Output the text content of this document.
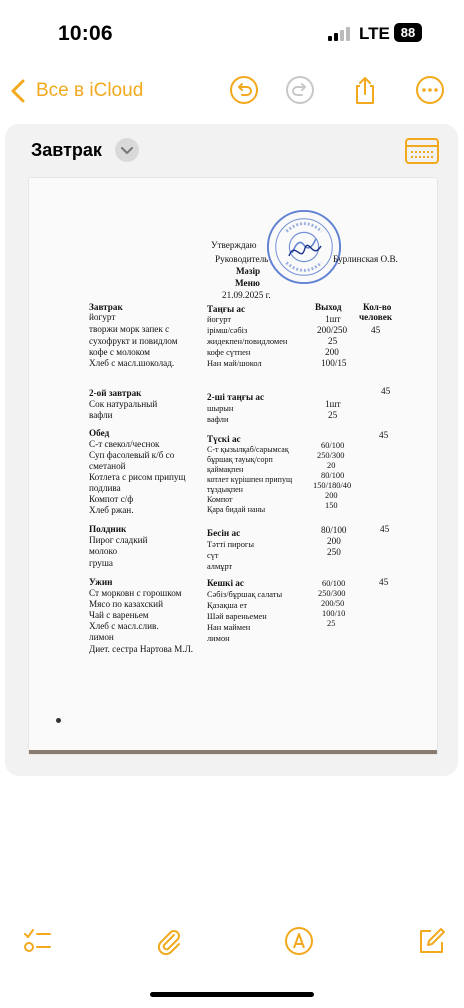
10:06	LTE 88
Все в iCloud
Завтрак
Утверждаю
Руководитель	Бурлинская О.В.
Мәзір
Меню
21.09.2025 г.
Выход Кол-во
человек
Завтрак
йогурт
творжи морк запек с
сухофрукт и повидлом
кофе с молоком
Хлеб с масл.шоколад.
Таңғы ас
йогурт
ірімш/сәбіз
жидекпен/повидломен
кофе сүтпен
Нан май/шокол
1шт
200/250
25
200
100/15
45
2-ой завтрак
Сок натуральный
вафли
2-ші таңғы ас
шырын
вафли
1шт
25
45
Обед
С-т свекол/чеснок
Суп фасолевый к/б со
сметаной
Котлета с рисом припущ
подлива
Компот с/ф
Хлеб ржан.
Түскі ас
С-т қызылқаб/сарымсақ
бұршақ тауық/сорп
қаймақпен
котлет күрішпен припущ
тұздықпен
Компот
Қара бидай наны
60/100
250/300
20
80/100
150/180/40
200
150
45
Полдник
Пирог сладкий
молоко
груша
Бесін ас
Тәтті пирогы
сүт
алмұрт
80/100
200
250
45
Ужин
Ст морковн с горошком
Мясо по казахский
Чай с вареньем
Хлеб с масл.слив.
лимон
Кешкі ас
Сәбіз/бұршақ салаты
Қазақша ет
Шәй вареньемен
Нан маймен
лимон
60/100
250/300
200/50
100/10
25
45
Диет. сестра Нартова М.Л.
